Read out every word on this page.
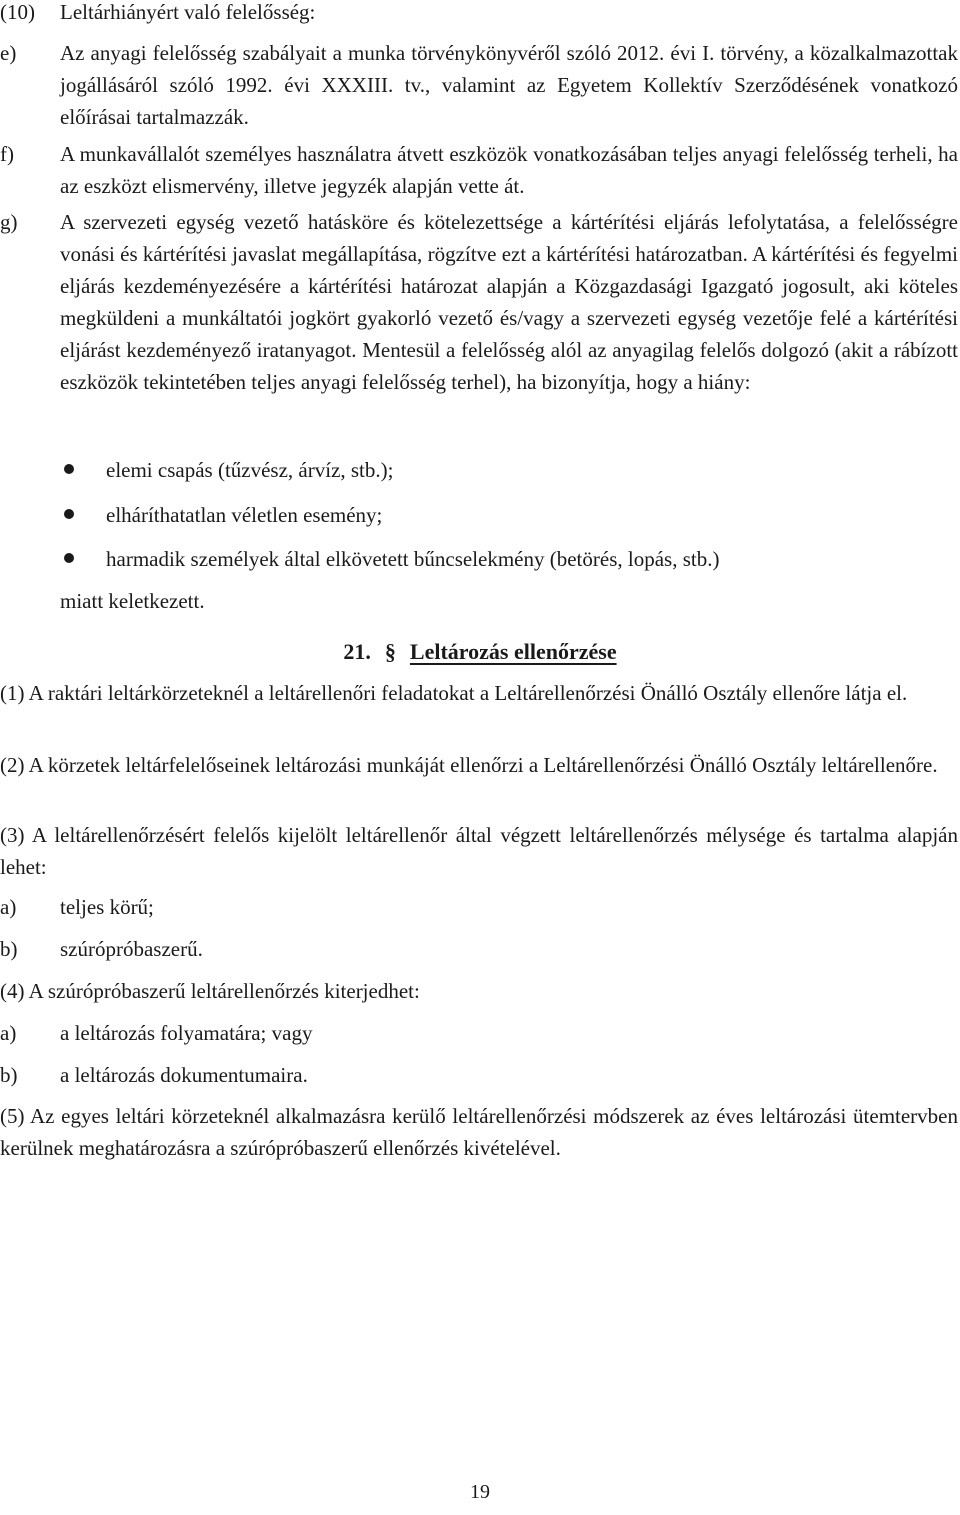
(10)	Leltárhiányért való felelősség:
e)	Az anyagi felelősség szabályait a munka törvénykönyvéről szóló 2012. évi I. törvény, a közalkalmazottak jogállásáról szóló 1992. évi XXXIII. tv., valamint az Egyetem Kollektív Szerződésének vonatkozó előírásai tartalmazzák.
f)	A munkavállalót személyes használatra átvett eszközök vonatkozásában teljes anyagi felelősség terheli, ha az eszközt elismervény, illetve jegyzék alapján vette át.
g)	A szervezeti egység vezető hatásköre és kötelezettsége a kártérítési eljárás lefolytatása, a felelősségre vonási és kártérítési javaslat megállapítása, rögzítve ezt a kártérítési határozatban. A kártérítési és fegyelmi eljárás kezdeményezésére a kártérítési határozat alapján a Közgazdasági Igazgató jogosult, aki köteles megküldeni a munkáltatói jogkört gyakorló vezető és/vagy a szervezeti egység vezetője felé a kártérítési eljárást kezdeményező iratanyagot. Mentesül a felelősség alól az anyagilag felelős dolgozó (akit a rábízott eszközök tekintetében teljes anyagi felelősség terhel), ha bizonyítja, hogy a hiány:
elemi csapás (tűzvész, árvíz, stb.);
elháríthatatlan véletlen esemény;
harmadik személyek által elkövetett bűncselekmény (betörés, lopás, stb.)
miatt keletkezett.
21. § Leltározás ellenőrzése
(1) A raktári leltárkörzeteknél a leltárellenőri feladatokat a Leltárellenőrzési Önálló Osztály ellenőre látja el.
(2) A körzetek leltárfelelőseinek leltározási munkáját ellenőrzi a Leltárellenőrzési Önálló Osztály leltárellenőre.
(3) A leltárellenőrzésért felelős kijelölt leltárellenőr által végzett leltárellenőrzés mélysége és tartalma alapján lehet:
a)	teljes körű;
b)	szúrópróbaszerű.
(4) A szúrópróbaszerű leltárellenőrzés kiterjedhet:
a)	a leltározás folyamatára; vagy
b)	a leltározás dokumentumaira.
(5) Az egyes leltári körzeteknél alkalmazásra kerülő leltárellenőrzési módszerek az éves leltározási ütemtervben kerülnek meghatározásra a szúrópróbaszerű ellenőrzés kivételével.
19
